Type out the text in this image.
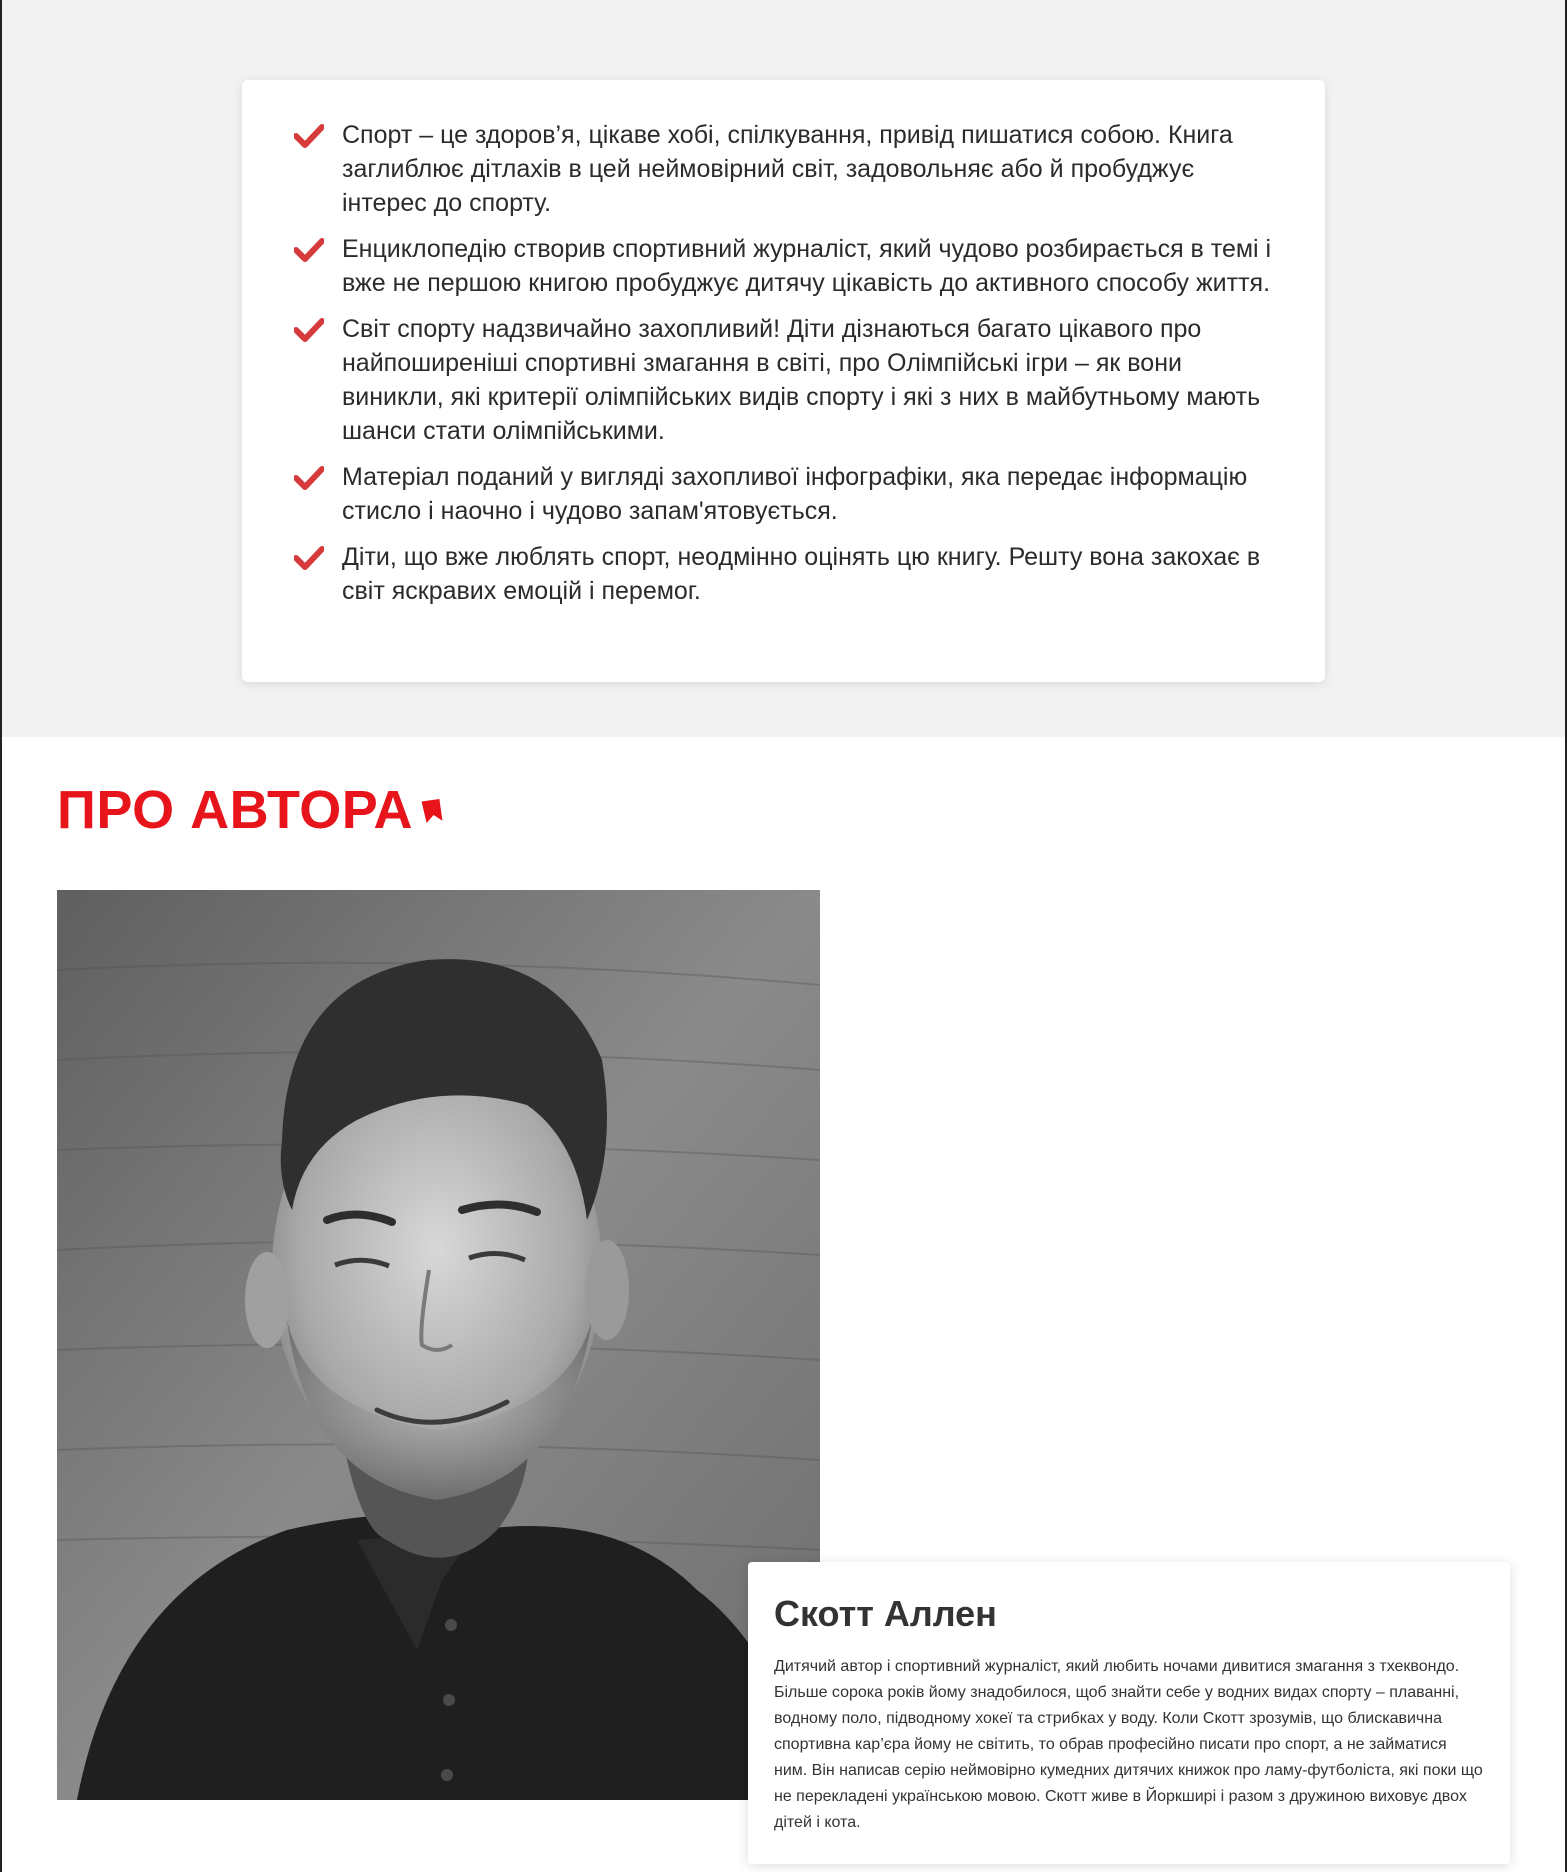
Спорт – це здоров’я, цікаве хобі, спілкування, привід пишатися собою. Книга заглиблює дітлахів в цей неймовірний світ, задовольняє або й пробуджує інтерес до спорту.
Енциклопедію створив спортивний журналіст, який чудово розбирається в темі і вже не першою книгою пробуджує дитячу цікавість до активного способу життя.
Світ спорту надзвичайно захопливий! Діти дізнаються багато цікавого про найпоширеніші спортивні змагання в світі, про Олімпійські ігри – як вони виникли, які критерії олімпійських видів спорту і які з них в майбутньому мають шанси стати олімпійськими.
Матеріал поданий у вигляді захопливої інфографіки, яка передає інформацію стисло і наочно і чудово запам'ятовується.
Діти, що вже люблять спорт, неодмінно оцінять цю книгу. Решту вона закохає в світ яскравих емоцій і перемог.
ПРО АВТОРА
Скотт Аллен

Дитячий автор і спортивний журналіст, який любить ночами дивитися змагання з тхеквондо. Більше сорока років йому знадобилося, щоб знайти себе у водних видах спорту – плаванні, водному поло, підводному хокеї та стрибках у воду. Коли Скотт зрозумів, що блискавична спортивна кар’єра йому не світить, то обрав професійно писати про спорт, а не займатися ним. Він написав серію неймовірно кумедних дитячих книжок про ламу-футболіста, які поки що не перекладені українською мовою. Скотт живе в Йоркширі і разом з дружиною виховує двох дітей і кота.
